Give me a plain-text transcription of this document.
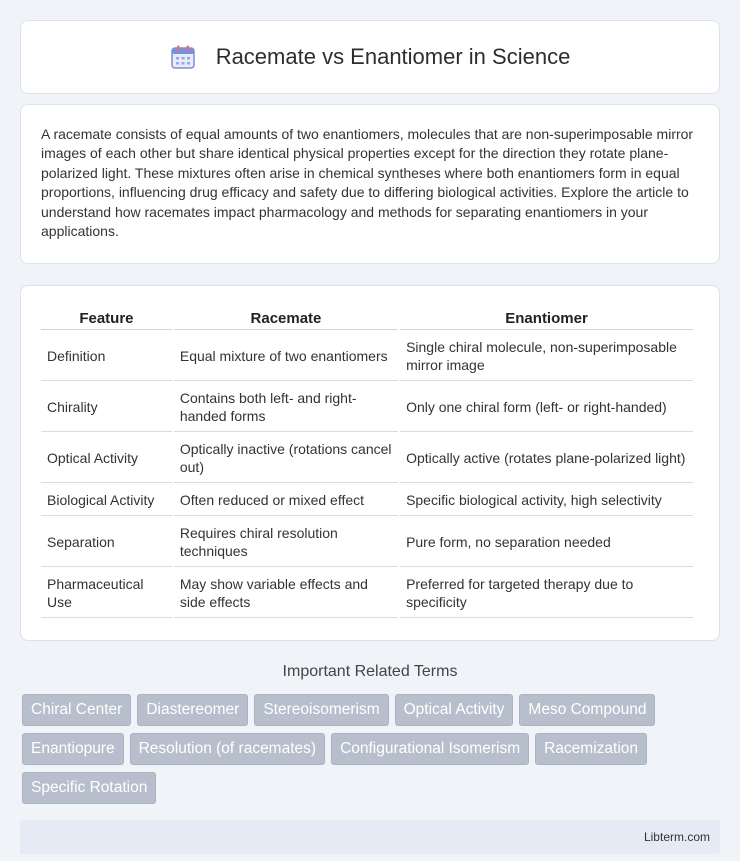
Racemate vs Enantiomer in Science

A racemate consists of equal amounts of two enantiomers, molecules that are non-superimposable mirror images of each other but share identical physical properties except for the direction they rotate plane-polarized light. These mixtures often arise in chemical syntheses where both enantiomers form in equal proportions, influencing drug efficacy and safety due to differing biological activities. Explore the article to understand how racemates impact pharmacology and methods for separating enantiomers in your applications.

Feature	Racemate	Enantiomer
Definition	Equal mixture of two enantiomers	Single chiral molecule, non-superimposable mirror image
Chirality	Contains both left- and right-handed forms	Only one chiral form (left- or right-handed)
Optical Activity	Optically inactive (rotations cancel out)	Optically active (rotates plane-polarized light)
Biological Activity	Often reduced or mixed effect	Specific biological activity, high selectivity
Separation	Requires chiral resolution techniques	Pure form, no separation needed
Pharmaceutical Use	May show variable effects and side effects	Preferred for targeted therapy due to specificity
Important Related Terms
Chiral Center	Diastereomer	Stereoisomerism	Optical Activity	Meso Compound
Enantiopure	Resolution (of racemates)	Configurational Isomerism	Racemization
Specific Rotation
Libterm.com
